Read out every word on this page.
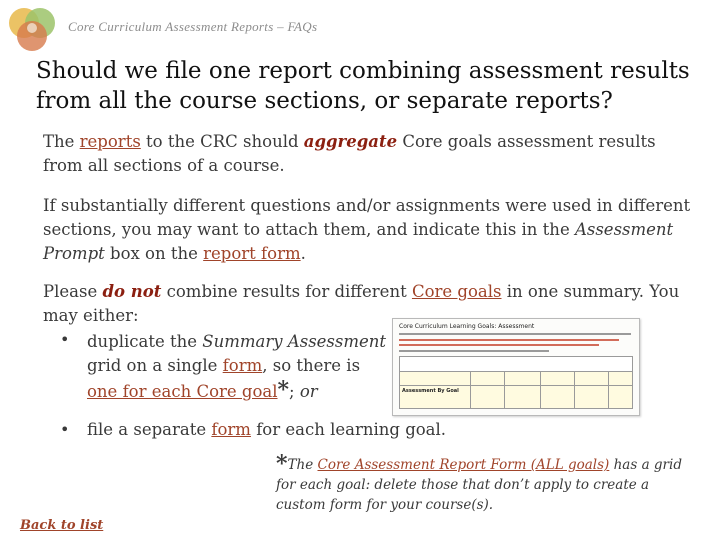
Core Curriculum Assessment Reports – FAQs
Should we file one report combining assessment results from all the course sections, or separate reports?
The reports to the CRC should aggregate Core goals assessment results from all sections of a course.
If substantially different questions and/or assignments were used in different sections, you may want to attach them, and indicate this in the Assessment Prompt box on the report form.
Please do not combine results for different Core goals in one summary. You may either:
• duplicate the Summary Assessment grid on a single form, so there is one for each Core goal*; or
Core Curriculum Learning Goals: Assessment
Assessment By Goal
• file a separate form for each learning goal.
*The Core Assessment Report Form (ALL goals) has a grid for each goal: delete those that don’t apply to create a custom form for your course(s).
Back to list
